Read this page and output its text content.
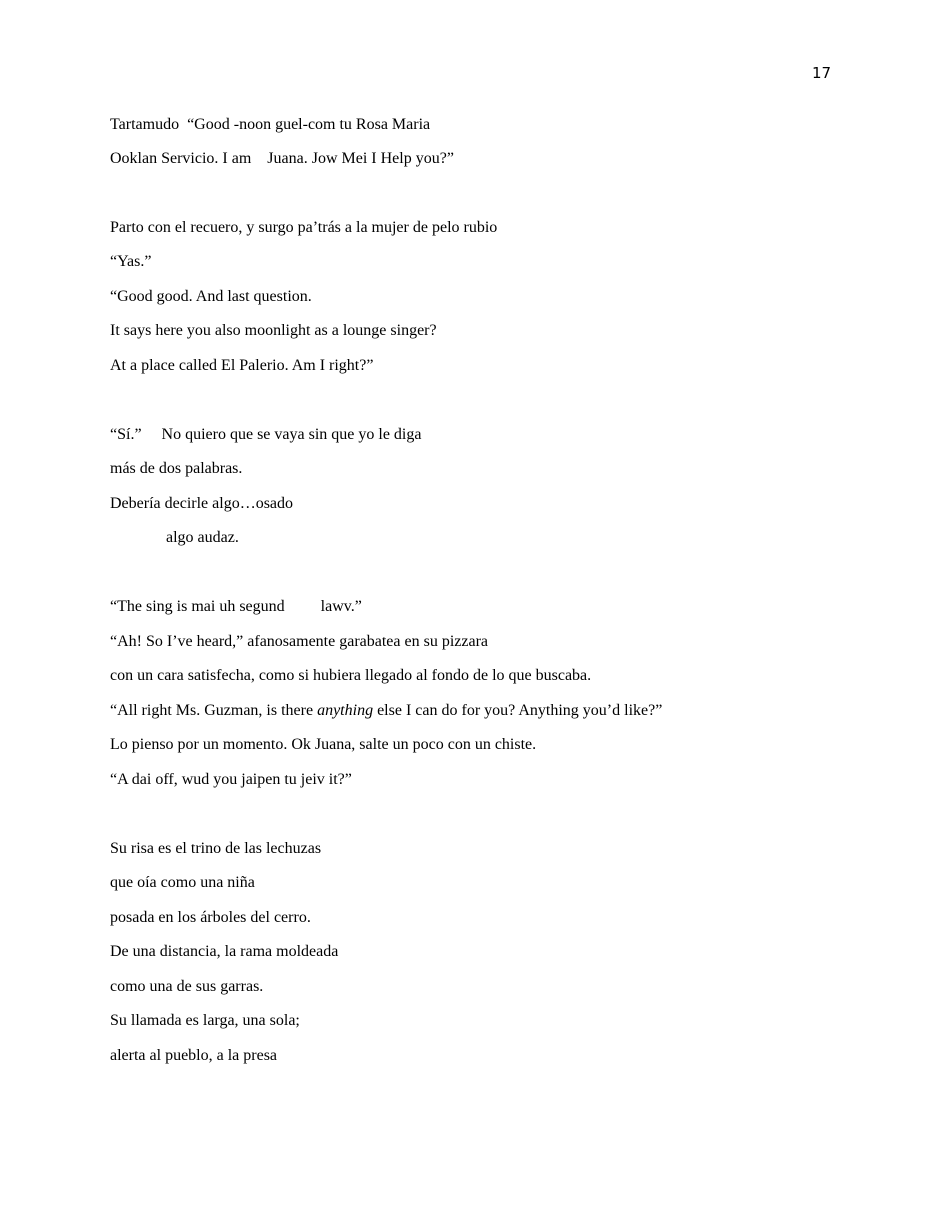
17
Tartamudo  “Good -noon guel-com tu Rosa Maria
Ooklan Servicio. I am    Juana. Jow Mei I Help you?”
Parto con el recuero, y surgo pa’trás a la mujer de pelo rubio
“Yas.”
“Good good. And last question.
It says here you also moonlight as a lounge singer?
At a place called El Palerio. Am I right?”
“Sí.”     No quiero que se vaya sin que yo le diga
más de dos palabras.
Debería decirle algo…osado
algo audaz.
“The sing is mai uh segund         lawv.”
“Ah! So I’ve heard,” afanosamente garabatea en su pizzara
con un cara satisfecha, como si hubiera llegado al fondo de lo que buscaba.
“All right Ms. Guzman, is there anything else I can do for you? Anything you’d like?”
Lo pienso por un momento. Ok Juana, salte un poco con un chiste.
“A dai off, wud you jaipen tu jeiv it?”
Su risa es el trino de las lechuzas
que oía como una niña
posada en los árboles del cerro.
De una distancia, la rama moldeada
como una de sus garras.
Su llamada es larga, una sola;
alerta al pueblo, a la presa
